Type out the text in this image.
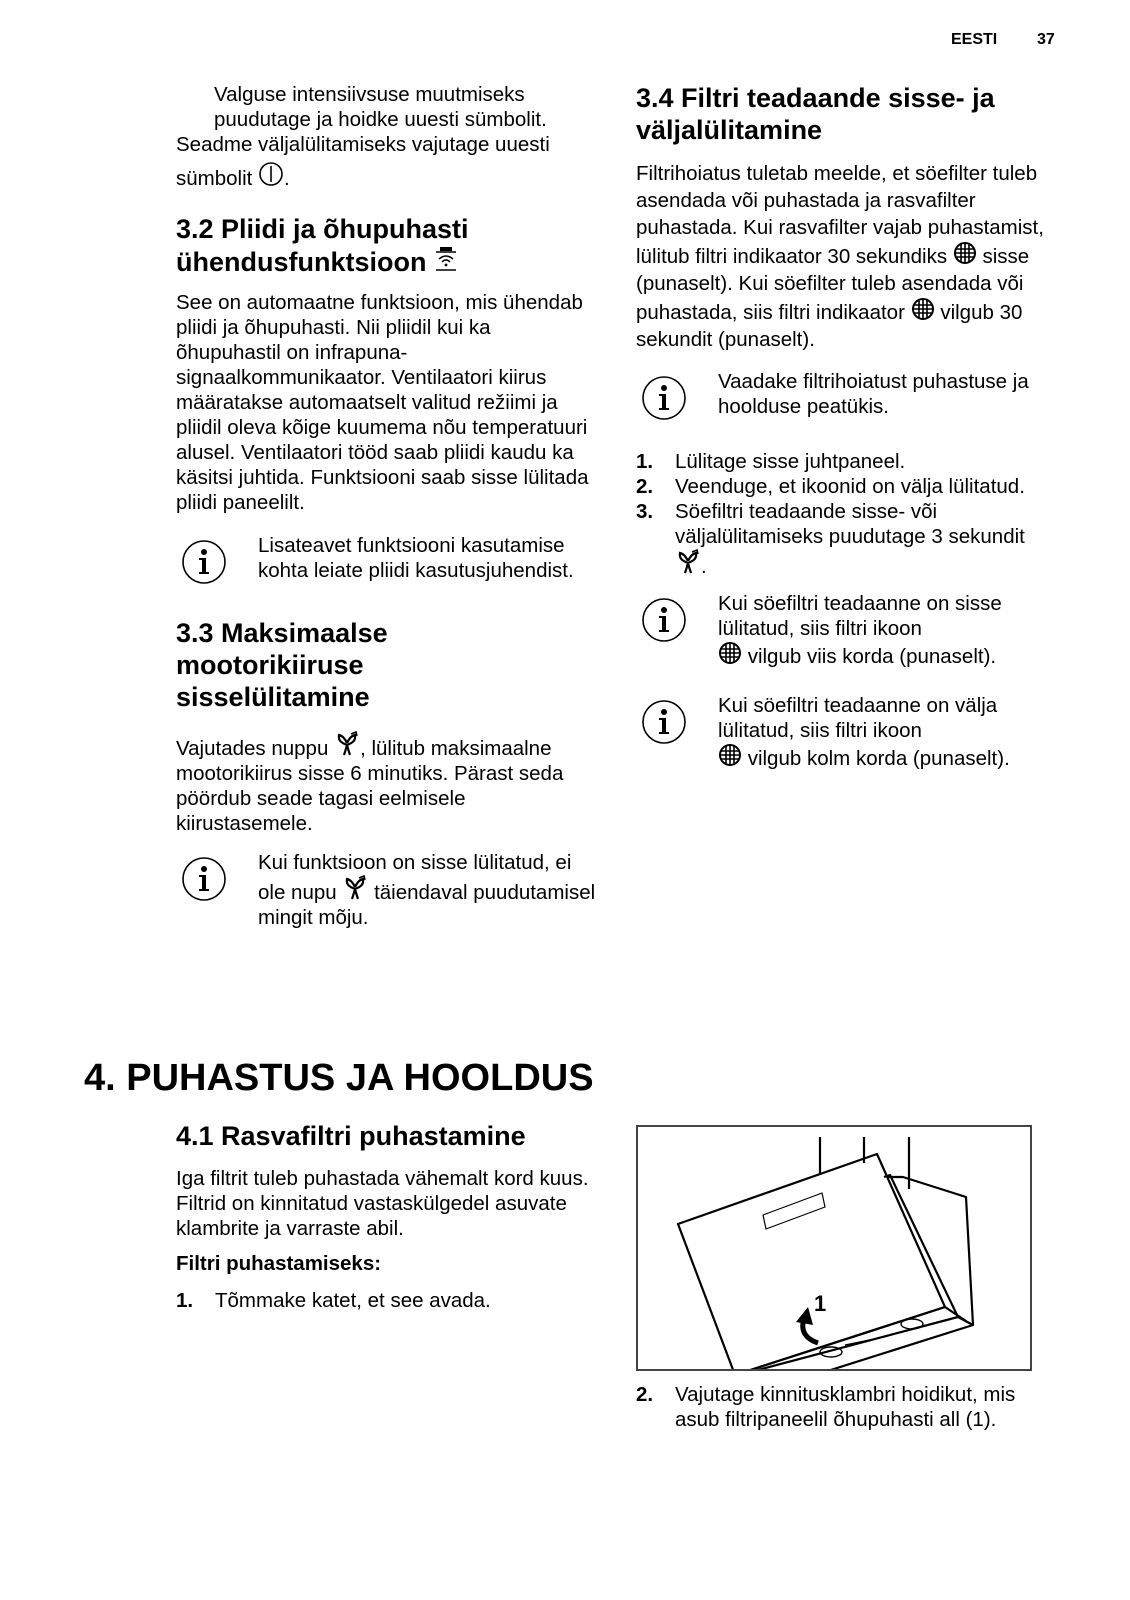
EESTI 37

Valguse intensiivsuse muutmiseks
puudutage ja hoidke uuesti sümbolit.

Seadme väljalülitamiseks vajutage uuesti

sümbolit .

3.2 Pliidi ja õhupuhasti
ühendusfunktsioon

See on automaatne funktsioon, mis ühendab pliidi ja õhupuhasti. Nii pliidil kui ka õhupuhastil on infrapuna-signaalkommunikaator. Ventilaatori kiirus määratakse automaatselt valitud režiimi ja pliidil oleva kõige kuumema nõu temperatuuri alusel. Ventilaatori tööd saab pliidi kaudu ka käsitsi juhtida. Funktsiooni saab sisse lülitada pliidi paneelilt.

Lisateavet funktsiooni kasutamise kohta leiate pliidi kasutusjuhendist.

3.3 Maksimaalse
mootorikiiruse
sisselülitamine

Vajutades nuppu , lülitub maksimaalne mootorikiirus sisse 6 minutiks. Pärast seda pöördub seade tagasi eelmisele kiirustasemele.

Kui funktsioon on sisse lülitatud, ei ole nupu täiendaval puudutamisel mingit mõju.

4. PUHASTUS JA HOOLDUS
4.1 Rasvafiltri puhastamine

Iga filtrit tuleb puhastada vähemalt kord kuus. Filtrid on kinnitatud vastaskülgedel asuvate klambrite ja varraste abil.

Filtri puhastamiseks:

1. Tõmmake katet, et see avada.
3.4 Filtri teadaande sisse- ja
väljalülitamine

Filtrihoiatus tuletab meelde, et söefilter tuleb asendada või puhastada ja rasvafilter puhastada. Kui rasvafilter vajab puhastamist, lülitub filtri indikaator 30 sekundiks sisse (punaselt). Kui söefilter tuleb asendada või puhastada, siis filtri indikaator vilgub 30 sekundit (punaselt).

Vaadake filtrihoiatust puhastuse ja hoolduse peatükis.

1. Lülitage sisse juhtpaneel.
2. Veenduge, et ikoonid on välja lülitatud.
3. Söefiltri teadaande sisse- või väljalülitamiseks puudutage 3 sekundit .

Kui söefiltri teadaanne on sisse lülitatud, siis filtri ikoon
vilgub viis korda (punaselt).

Kui söefiltri teadaanne on välja lülitatud, siis filtri ikoon
vilgub kolm korda (punaselt).

1
2. Vajutage kinnitusklambri hoidikut, mis asub filtripaneelil õhupuhasti all (1).
